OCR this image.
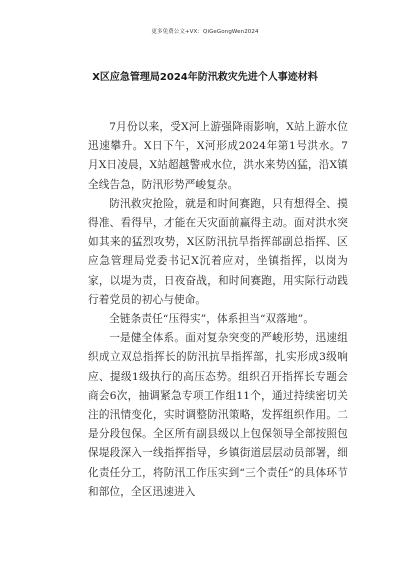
更多免费公文+VX：Qi​GeGongWen2024
X区应急管理局2024年防汛救灾先进个人事迹材料

7月份以来，受X河上游强降雨影响，X站上游水位迅速攀升。X日下午，X河形成2024年第1号洪水。7月X日凌晨，X站超越警戒水位，洪水来势凶猛，沿X镇全线告急，防汛形势严峻复杂。

防汛救灾抢险，就是和时间赛跑，只有想得全、摸得准、看得早，才能在天灾面前赢得主动。面对洪水突如其来的猛烈攻势，X区防汛抗旱指挥部副总指挥、区应急管理局党委书记X沉着应对，坐镇指挥，以岗为家，以堤为责，日夜奋战，和时间赛跑，用实际行动践行着党员的初心与使命。

全链条责任“压得实”，体系担当“双落地”。

一是健全体系。面对复杂突变的严峻形势，迅速组织成立双总指挥长的防汛抗旱指挥部，扎实形成3级响应、提级1级执行的高压态势。组织召开指挥长专题会商会6次，抽调紧急专项工作组11个，通过持续密切关注的汛情变化，实时调整防汛策略，发挥组织作用。二是分段包保。全区所有副县级以上包保领导全部按照包保堤段深入一线指挥指导，乡镇街道层层动员部署，细化责任分工，将防汛工作压实到“三个责任”的具体环节和部位，全区迅速进入
